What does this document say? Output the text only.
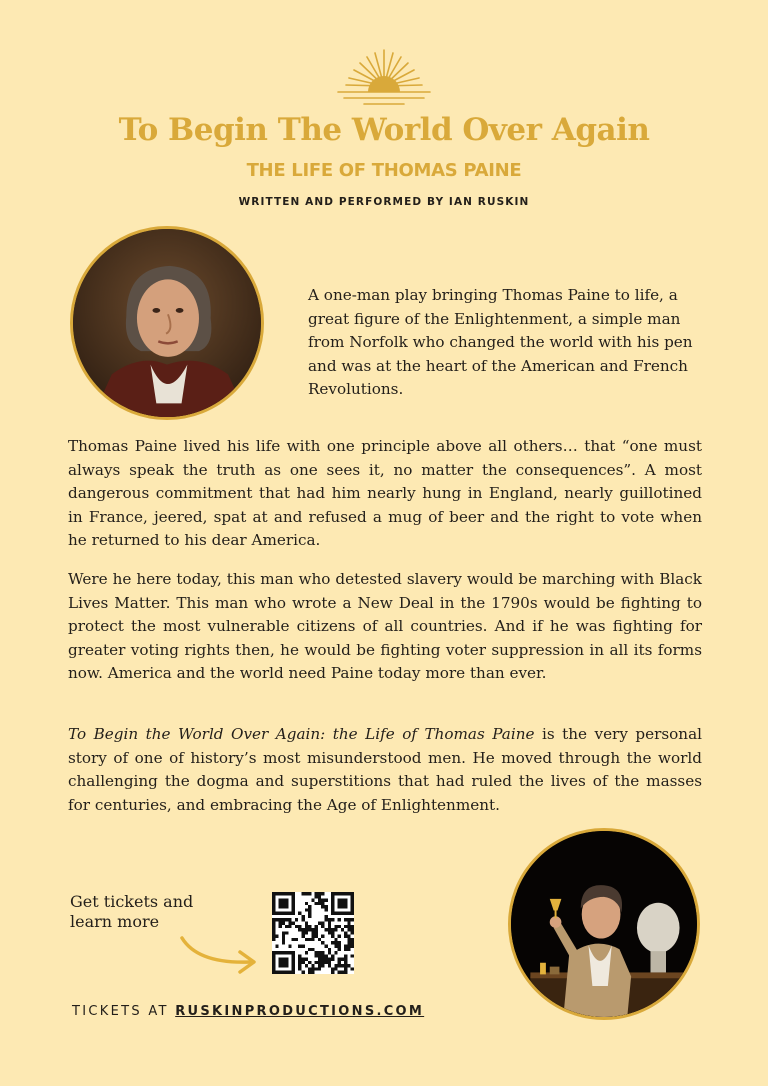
To Begin The World Over Again
THE LIFE OF THOMAS PAINE

WRITTEN AND PERFORMED BY IAN RUSKIN

A one-man play bringing Thomas Paine to life, a great figure of the Enlightenment, a simple man from Norfolk who changed the world with his pen and was at the heart of the American and French Revolutions.

Thomas Paine lived his life with one principle above all others… that “one must always speak the truth as one sees it, no matter the consequences”. A most dangerous commitment that had him nearly hung in England, nearly guillotined in France, jeered, spat at and refused a mug of beer and the right to vote when he returned to his dear America.

Were he here today, this man who detested slavery would be marching with Black Lives Matter. This man who wrote a New Deal in the 1790s would be fighting to protect the most vulnerable citizens of all countries. And if he was fighting for greater voting rights then, he would be fighting voter suppression in all its forms now. America and the world need Paine today more than ever.

To Begin the World Over Again: the Life of Thomas Paine is the very personal story of one of history’s most misunderstood men. He moved through the world challenging the dogma and superstitions that had ruled the lives of the masses for centuries, and embracing the Age of Enlightenment.

Get tickets and learn more

TICKETS AT RUSKINPRODUCTIONS.COM
